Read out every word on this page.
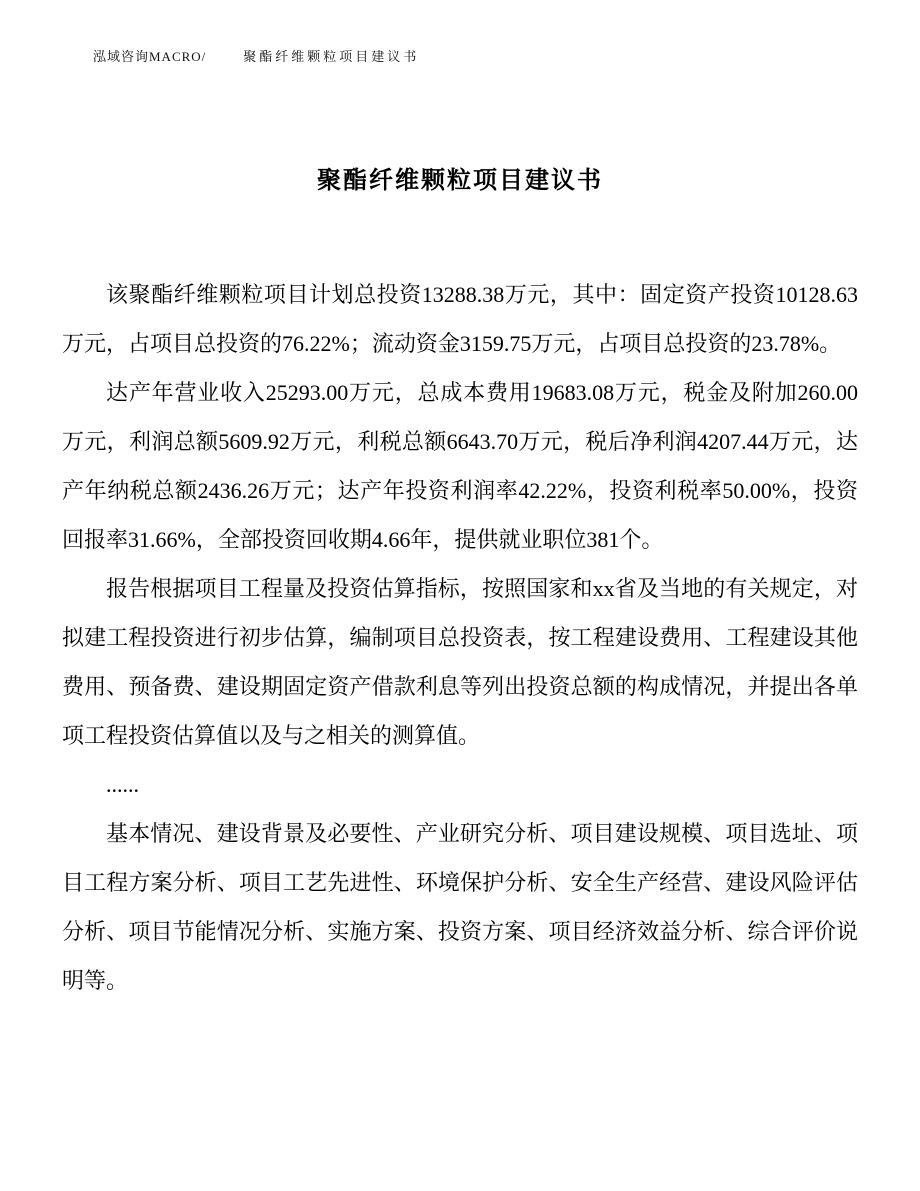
泓域咨询MACRO/	聚酯纤维颗粒项目建议书
聚酯纤维颗粒项目建议书

该聚酯纤维颗粒项目计划总投资13288.38万元，其中：固定资产投资10128.63万元，占项目总投资的76.22%；流动资金3159.75万元，占项目总投资的23.78%。

达产年营业收入25293.00万元，总成本费用19683.08万元，税金及附加260.00万元，利润总额5609.92万元，利税总额6643.70万元，税后净利润4207.44万元，达产年纳税总额2436.26万元；达产年投资利润率42.22%，投资利税率50.00%，投资回报率31.66%，全部投资回收期4.66年，提供就业职位381个。

报告根据项目工程量及投资估算指标，按照国家和xx省及当地的有关规定，对拟建工程投资进行初步估算，编制项目总投资表，按工程建设费用、工程建设其他费用、预备费、建设期固定资产借款利息等列出投资总额的构成情况，并提出各单项工程投资估算值以及与之相关的测算值。

......

基本情况、建设背景及必要性、产业研究分析、项目建设规模、项目选址、项目工程方案分析、项目工艺先进性、环境保护分析、安全生产经营、建设风险评估分析、项目节能情况分析、实施方案、投资方案、项目经济效益分析、综合评价说明等。
